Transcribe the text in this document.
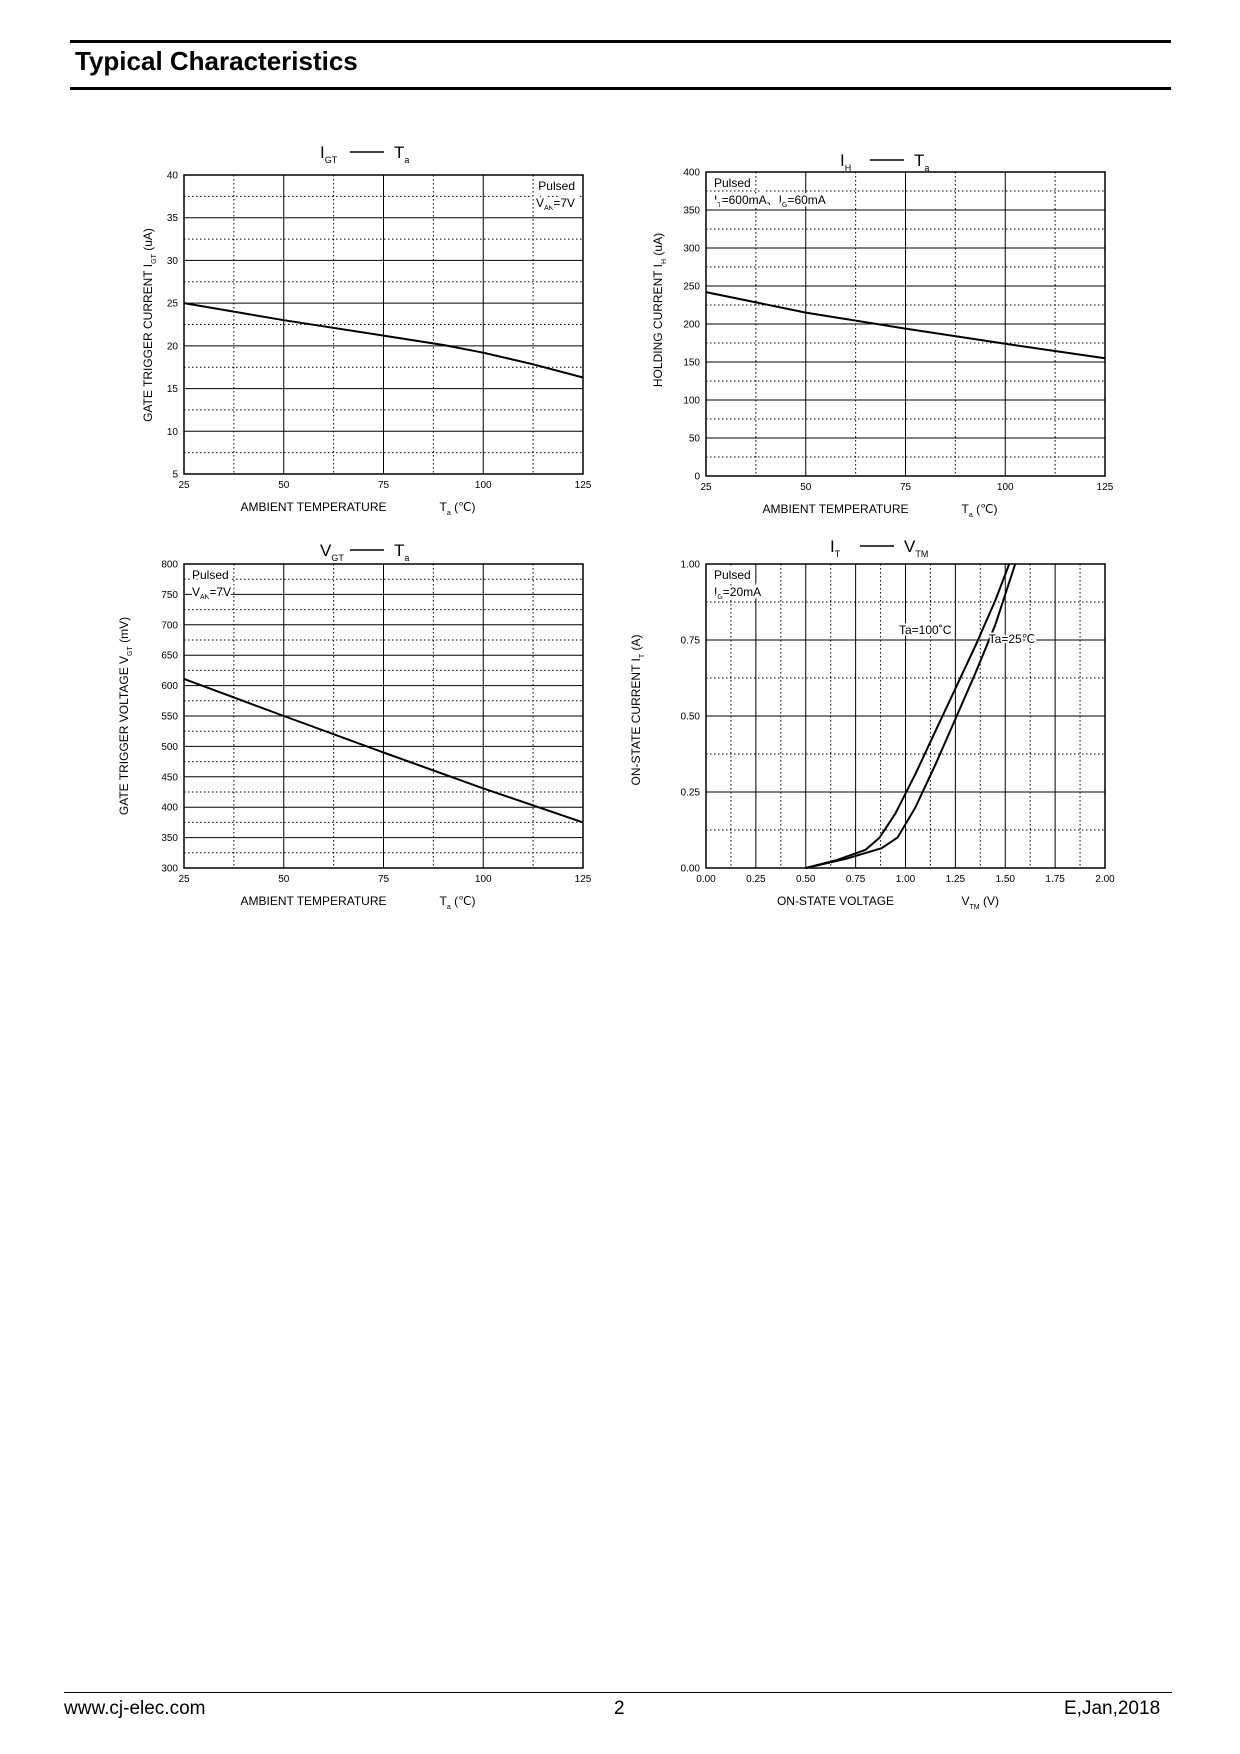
Typical Characteristics
25	50	75	100	125
5
10
15
20
25
30
35
40
Pulsed
$V_{AK}=7V$
$I_{GT}$	$T_a$
AMBIENT TEMPERATURE	$T_a$ (℃)
GATE TRIGGER CURRENT $I_{GT}$ (uA)
25	50	75	100	125
0
50
100
150
200
250
300
350
400
Pulsed
$I_T=600mA$、$I_G=60mA$
$I_H$	$T_a$
AMBIENT TEMPERATURE	$T_a$ (℃)
HOLDING CURRENT $I_H$ (uA)
25	50	75	100	125
300
350
400
450
500
550
600
650
700
750
800
Pulsed
$V_{AK}=7V$
$V_{GT}$	$T_a$
AMBIENT TEMPERATURE	$T_a$ (℃)
GATE TRIGGER VOLTAGE $V_{GT}$ (mV)
0.00	0.25	0.50	0.75	1.00	1.25	1.50	1.75	2.00
0.00
0.25
0.50
0.75
1.00
Pulsed
$I_G=20mA$
$I_T$	$V_{TM}$
ON-STATE VOLTAGE	$V_{TM}$ (V)
ON-STATE CURRENT $I_T$ (A)
Ta=100˚C
Ta=25℃
www.cj-elec.com	2	E,Jan,2018
